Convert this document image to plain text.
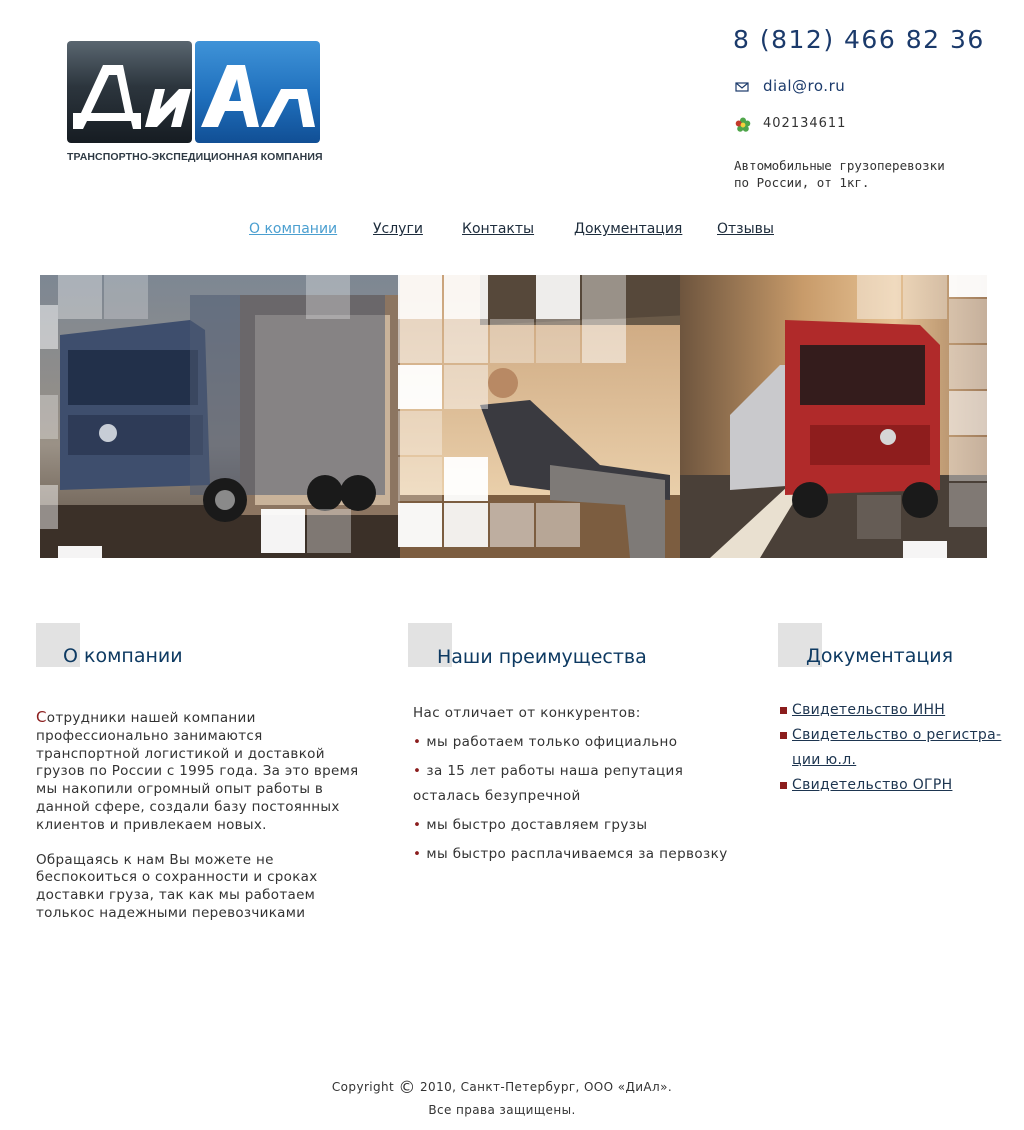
ТРАНСПОРТНО-ЭКСПЕДИЦИОННАЯ КОМПАНИЯ
8 (812) 466 82 36
dial@ro.ru
402134611
Автомобильные грузоперевозки
по России, от 1кг.
О компании	Услуги	Контакты	Документация Отзывы
О компании

Сотрудники нашей компании профессионально занимаются транспортной логистикой и доставкой грузов по России с 1995 года. За это время мы накопили огромный опыт работы в данной сфере, создали базу постоянных клиентов и привлекаем новых.

Обращаясь к нам Вы можете не беспокоиться о сохранности и сроках доставки груза, так как мы работаем толькос надежными перевозчиками

Наши преимущества
Нас отличает от конкурентов:
• мы работаем только официально
• за 15 лет работы наша репутация осталась безупречной
• мы быстро доставляем грузы
• мы быстро расплачиваемся за первозку
Документация
Свидетельство ИНН
Свидетельство о регистра-ции ю.л.
Свидетельство ОГРН
Copyright © 2010, Санкт-Петербург, ООО «ДиАл».
Все права защищены.
